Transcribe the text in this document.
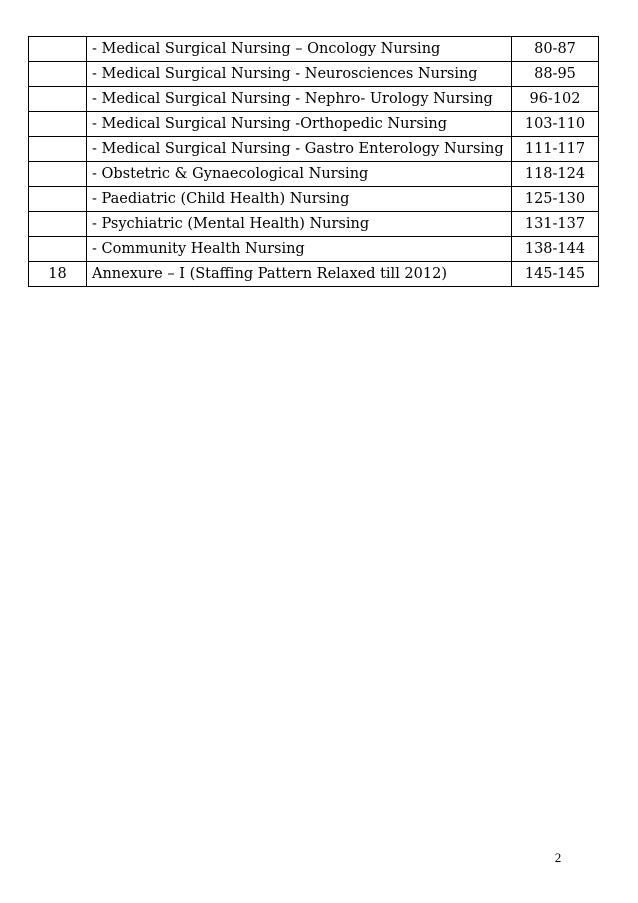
	- Medical Surgical Nursing – Oncology Nursing	80-87
	- Medical Surgical Nursing - Neurosciences Nursing	88-95
	- Medical Surgical Nursing - Nephro- Urology Nursing	96-102
	- Medical Surgical Nursing -Orthopedic Nursing	103-110
	- Medical Surgical Nursing - Gastro Enterology Nursing	111-117
	- Obstetric & Gynaecological Nursing	118-124
	- Paediatric (Child Health) Nursing	125-130
	- Psychiatric (Mental Health) Nursing	131-137
	- Community Health Nursing	138-144
18	Annexure – I (Staffing Pattern Relaxed till 2012)	145-145
2
